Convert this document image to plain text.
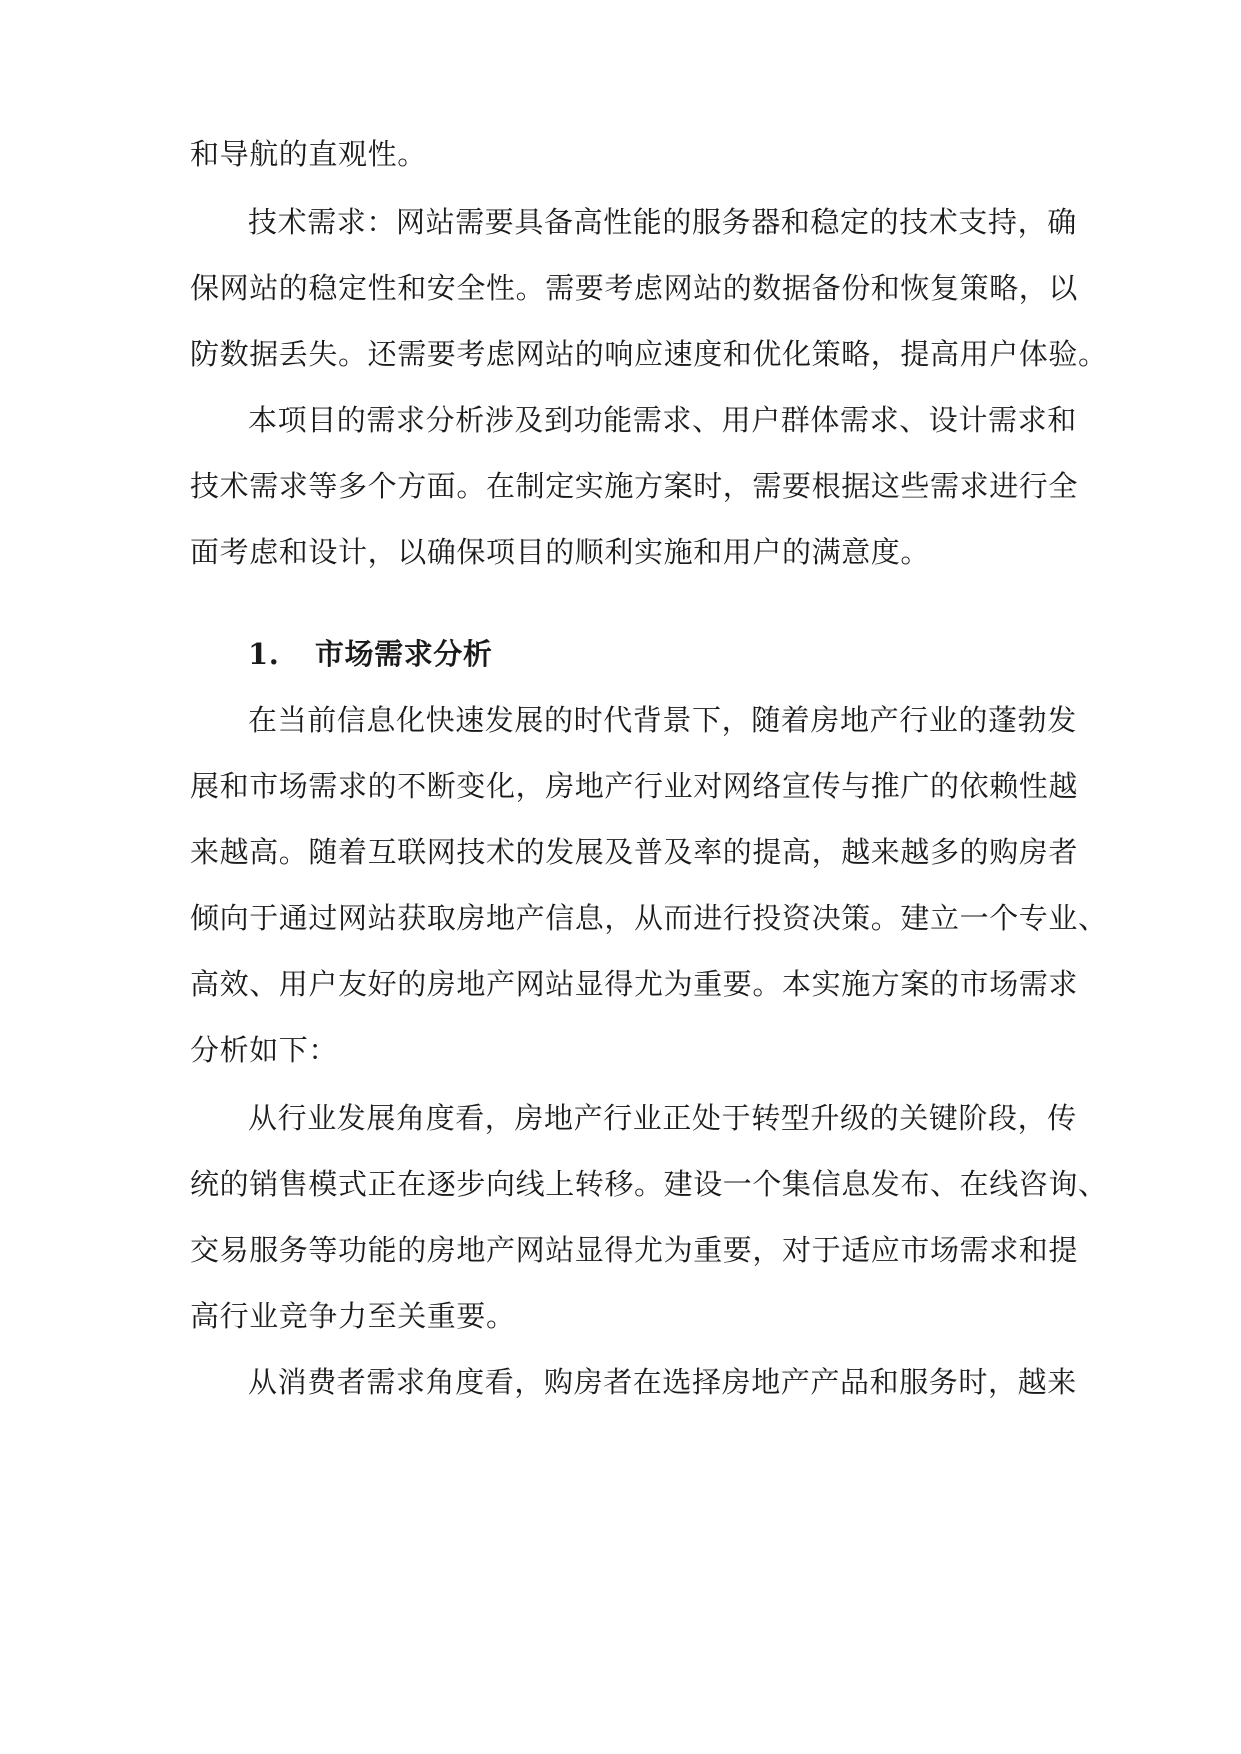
和导航的直观性。
技术需求：网站需要具备高性能的服务器和稳定的技术支持，确
保网站的稳定性和安全性。需要考虑网站的数据备份和恢复策略，以
防数据丢失。还需要考虑网站的响应速度和优化策略，提高用户体验。
本项目的需求分析涉及到功能需求、用户群体需求、设计需求和
技术需求等多个方面。在制定实施方案时，需要根据这些需求进行全
面考虑和设计，以确保项目的顺利实施和用户的满意度。
1. 市场需求分析
在当前信息化快速发展的时代背景下，随着房地产行业的蓬勃发
展和市场需求的不断变化，房地产行业对网络宣传与推广的依赖性越
来越高。随着互联网技术的发展及普及率的提高，越来越多的购房者
倾向于通过网站获取房地产信息，从而进行投资决策。建立一个专业、
高效、用户友好的房地产网站显得尤为重要。本实施方案的市场需求
分析如下：
从行业发展角度看，房地产行业正处于转型升级的关键阶段，传
统的销售模式正在逐步向线上转移。建设一个集信息发布、在线咨询、
交易服务等功能的房地产网站显得尤为重要，对于适应市场需求和提
高行业竞争力至关重要。
从消费者需求角度看，购房者在选择房地产产品和服务时，越来
